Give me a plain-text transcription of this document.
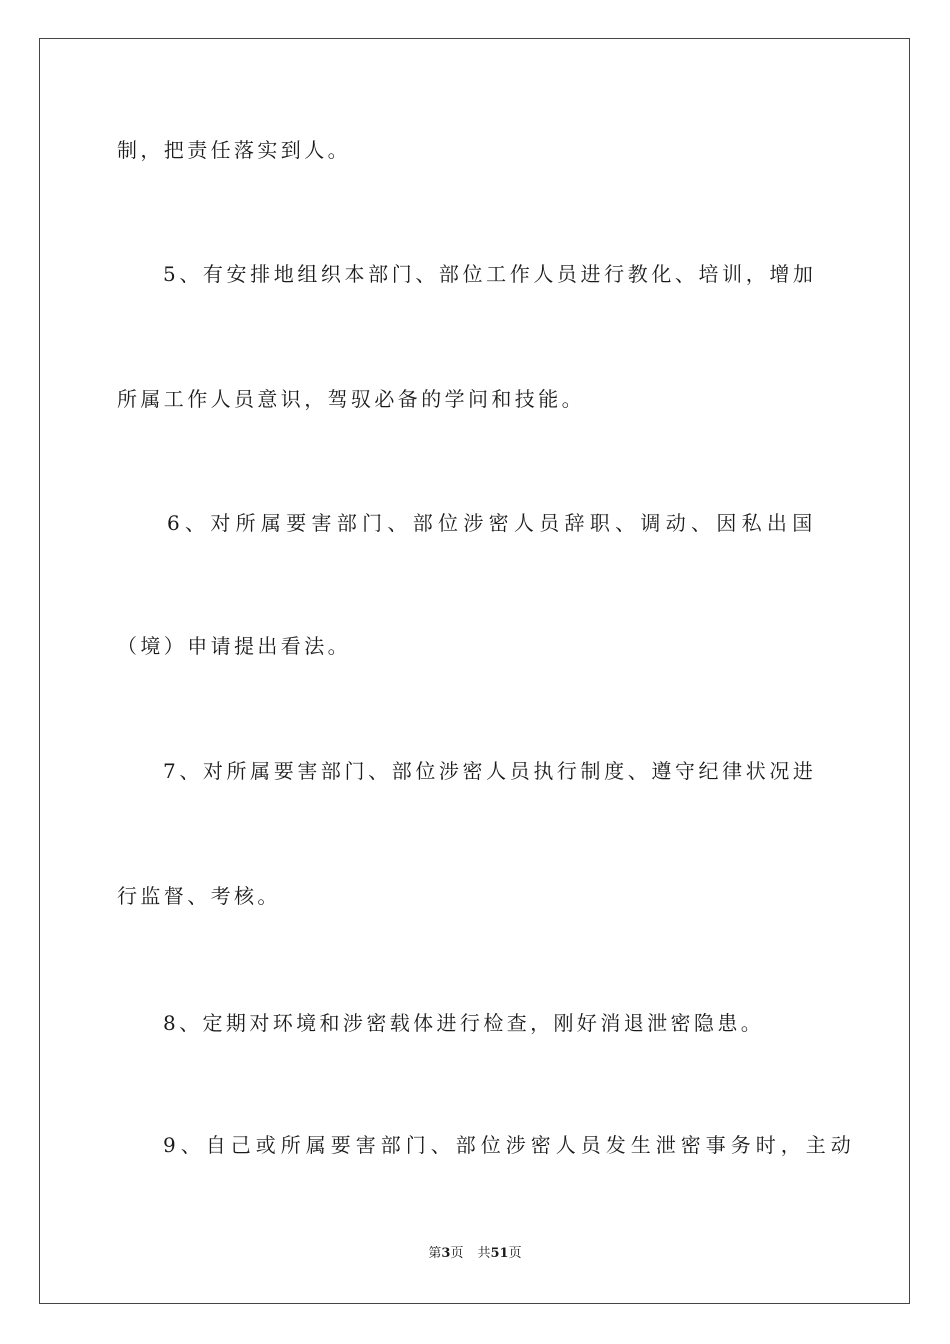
制，把责任落实到人。
5、有安排地组织本部门、部位工作人员进行教化、培训，增加
所属工作人员意识，驾驭必备的学问和技能。
6、对所属要害部门、部位涉密人员辞职、调动、因私出国
（境）申请提出看法。
7、对所属要害部门、部位涉密人员执行制度、遵守纪律状况进
行监督、考核。
8、定期对环境和涉密载体进行检查，刚好消退泄密隐患。
9、自己或所属要害部门、部位涉密人员发生泄密事务时，主动
第3页 共51页
